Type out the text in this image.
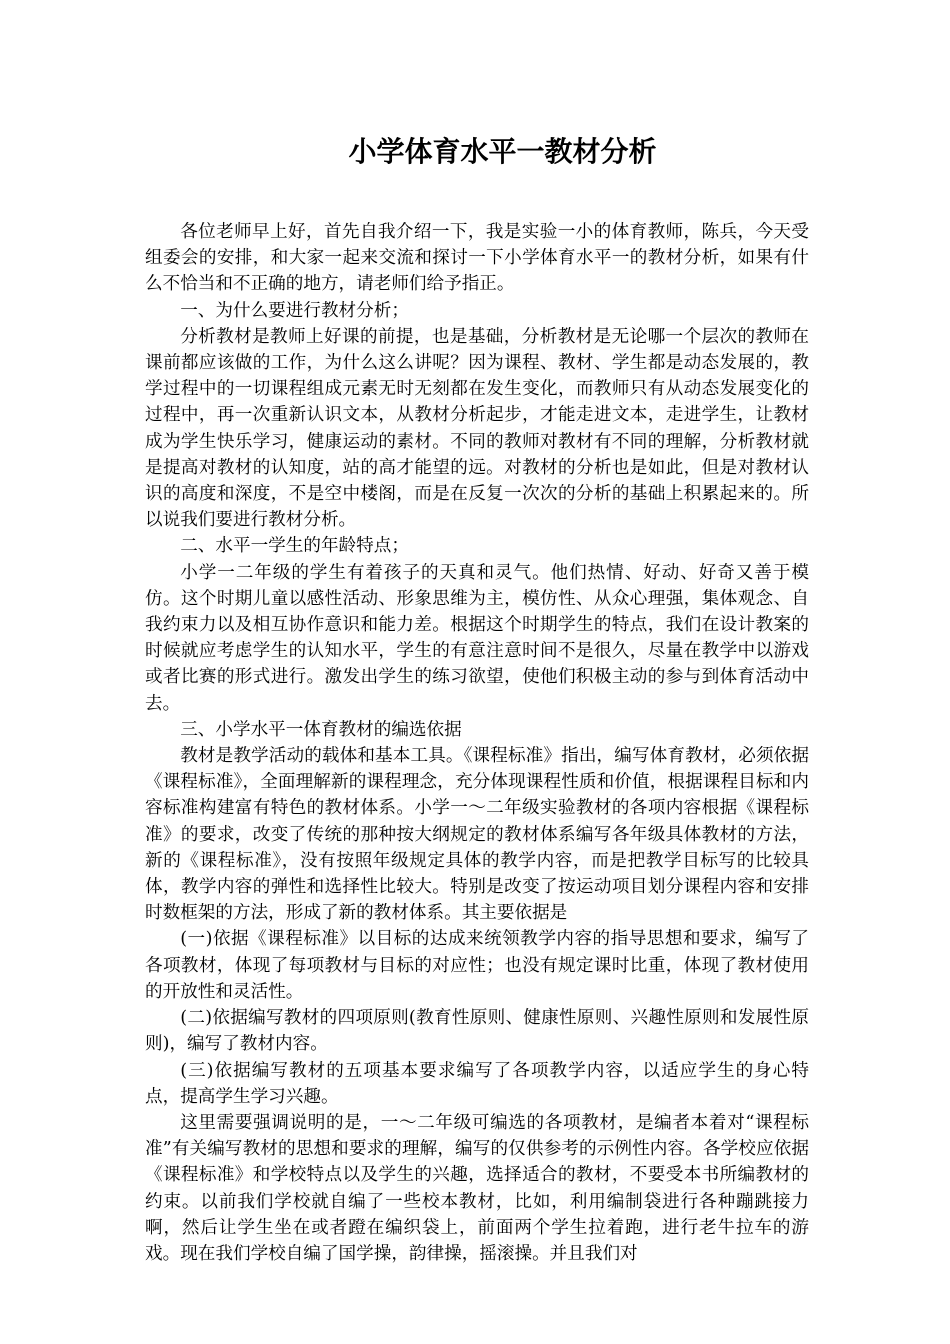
小学体育水平一教材分析

各位老师早上好，首先自我介绍一下，我是实验一小的体育教师，陈兵，今天受组委会的安排，和大家一起来交流和探讨一下小学体育水平一的教材分析，如果有什么不恰当和不正确的地方，请老师们给予指正。

一、为什么要进行教材分析；

分析教材是教师上好课的前提，也是基础，分析教材是无论哪一个层次的教师在课前都应该做的工作，为什么这么讲呢？因为课程、教材、学生都是动态发展的，教学过程中的一切课程组成元素无时无刻都在发生变化，而教师只有从动态发展变化的过程中，再一次重新认识文本，从教材分析起步，才能走进文本，走进学生，让教材成为学生快乐学习，健康运动的素材。不同的教师对教材有不同的理解，分析教材就是提高对教材的认知度，站的高才能望的远。对教材的分析也是如此，但是对教材认识的高度和深度，不是空中楼阁，而是在反复一次次的分析的基础上积累起来的。所以说我们要进行教材分析。

二、水平一学生的年龄特点；

小学一二年级的学生有着孩子的天真和灵气。他们热情、好动、好奇又善于模仿。这个时期儿童以感性活动、形象思维为主，模仿性、从众心理强，集体观念、自我约束力以及相互协作意识和能力差。根据这个时期学生的特点，我们在设计教案的时候就应考虑学生的认知水平，学生的有意注意时间不是很久，尽量在教学中以游戏或者比赛的形式进行。激发出学生的练习欲望，使他们积极主动的参与到体育活动中去。

三、小学水平一体育教材的编选依据

教材是教学活动的载体和基本工具。《课程标准》指出，编写体育教材，必须依据《课程标准》，全面理解新的课程理念，充分体现课程性质和价值，根据课程目标和内容标准构建富有特色的教材体系。小学一～二年级实验教材的各项内容根据《课程标准》的要求，改变了传统的那种按大纲规定的教材体系编写各年级具体教材的方法，新的《课程标准》，没有按照年级规定具体的教学内容，而是把教学目标写的比较具体，教学内容的弹性和选择性比较大。特别是改变了按运动项目划分课程内容和安排时数框架的方法，形成了新的教材体系。其主要依据是

(一)依据《课程标准》以目标的达成来统领教学内容的指导思想和要求，编写了各项教材，体现了每项教材与目标的对应性；也没有规定课时比重，体现了教材使用的开放性和灵活性。

(二)依据编写教材的四项原则(教育性原则、健康性原则、兴趣性原则和发展性原则)，编写了教材内容。

(三)依据编写教材的五项基本要求编写了各项教学内容，以适应学生的身心特点，提高学生学习兴趣。

这里需要强调说明的是，一～二年级可编选的各项教材，是编者本着对“课程标准”有关编写教材的思想和要求的理解，编写的仅供参考的示例性内容。各学校应依据《课程标准》和学校特点以及学生的兴趣，选择适合的教材，不要受本书所编教材的约束。以前我们学校就自编了一些校本教材，比如，利用编制袋进行各种蹦跳接力啊，然后让学生坐在或者蹬在编织袋上，前面两个学生拉着跑，进行老牛拉车的游戏。现在我们学校自编了国学操，韵律操，摇滚操。并且我们对
